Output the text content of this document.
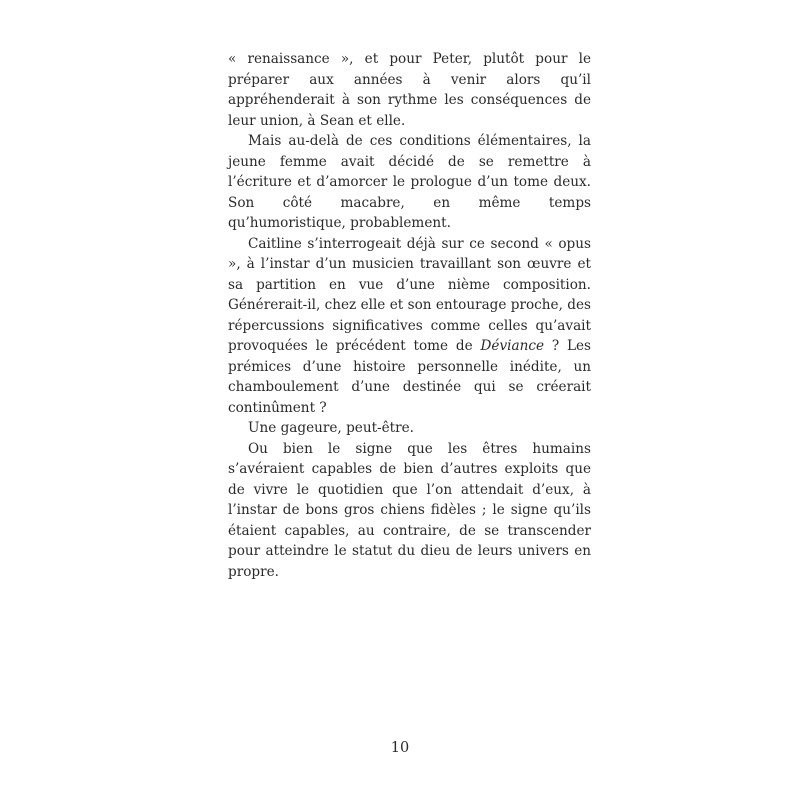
« renaissance », et pour Peter, plutôt pour le préparer aux années à venir alors qu’il appréhenderait à son rythme les conséquences de leur union, à Sean et elle.

Mais au-delà de ces conditions élémentaires, la jeune femme avait décidé de se remettre à l’écriture et d’amorcer le prologue d’un tome deux. Son côté macabre, en même temps qu’humoristique, probablement.

Caitline s’interrogeait déjà sur ce second « opus », à l’instar d’un musicien travaillant son œuvre et sa partition en vue d’une nième composition. Générerait-il, chez elle et son entourage proche, des répercussions significatives comme celles qu’avait provoquées le précédent tome de Déviance ? Les prémices d’une histoire personnelle inédite, un chamboulement d’une destinée qui se créerait continûment ?

Une gageure, peut-être.

Ou bien le signe que les êtres humains s’avéraient capables de bien d’autres exploits que de vivre le quotidien que l’on attendait d’eux, à l’instar de bons gros chiens fidèles ; le signe qu’ils étaient capables, au contraire, de se transcender pour atteindre le statut du dieu de leurs univers en propre.

10
